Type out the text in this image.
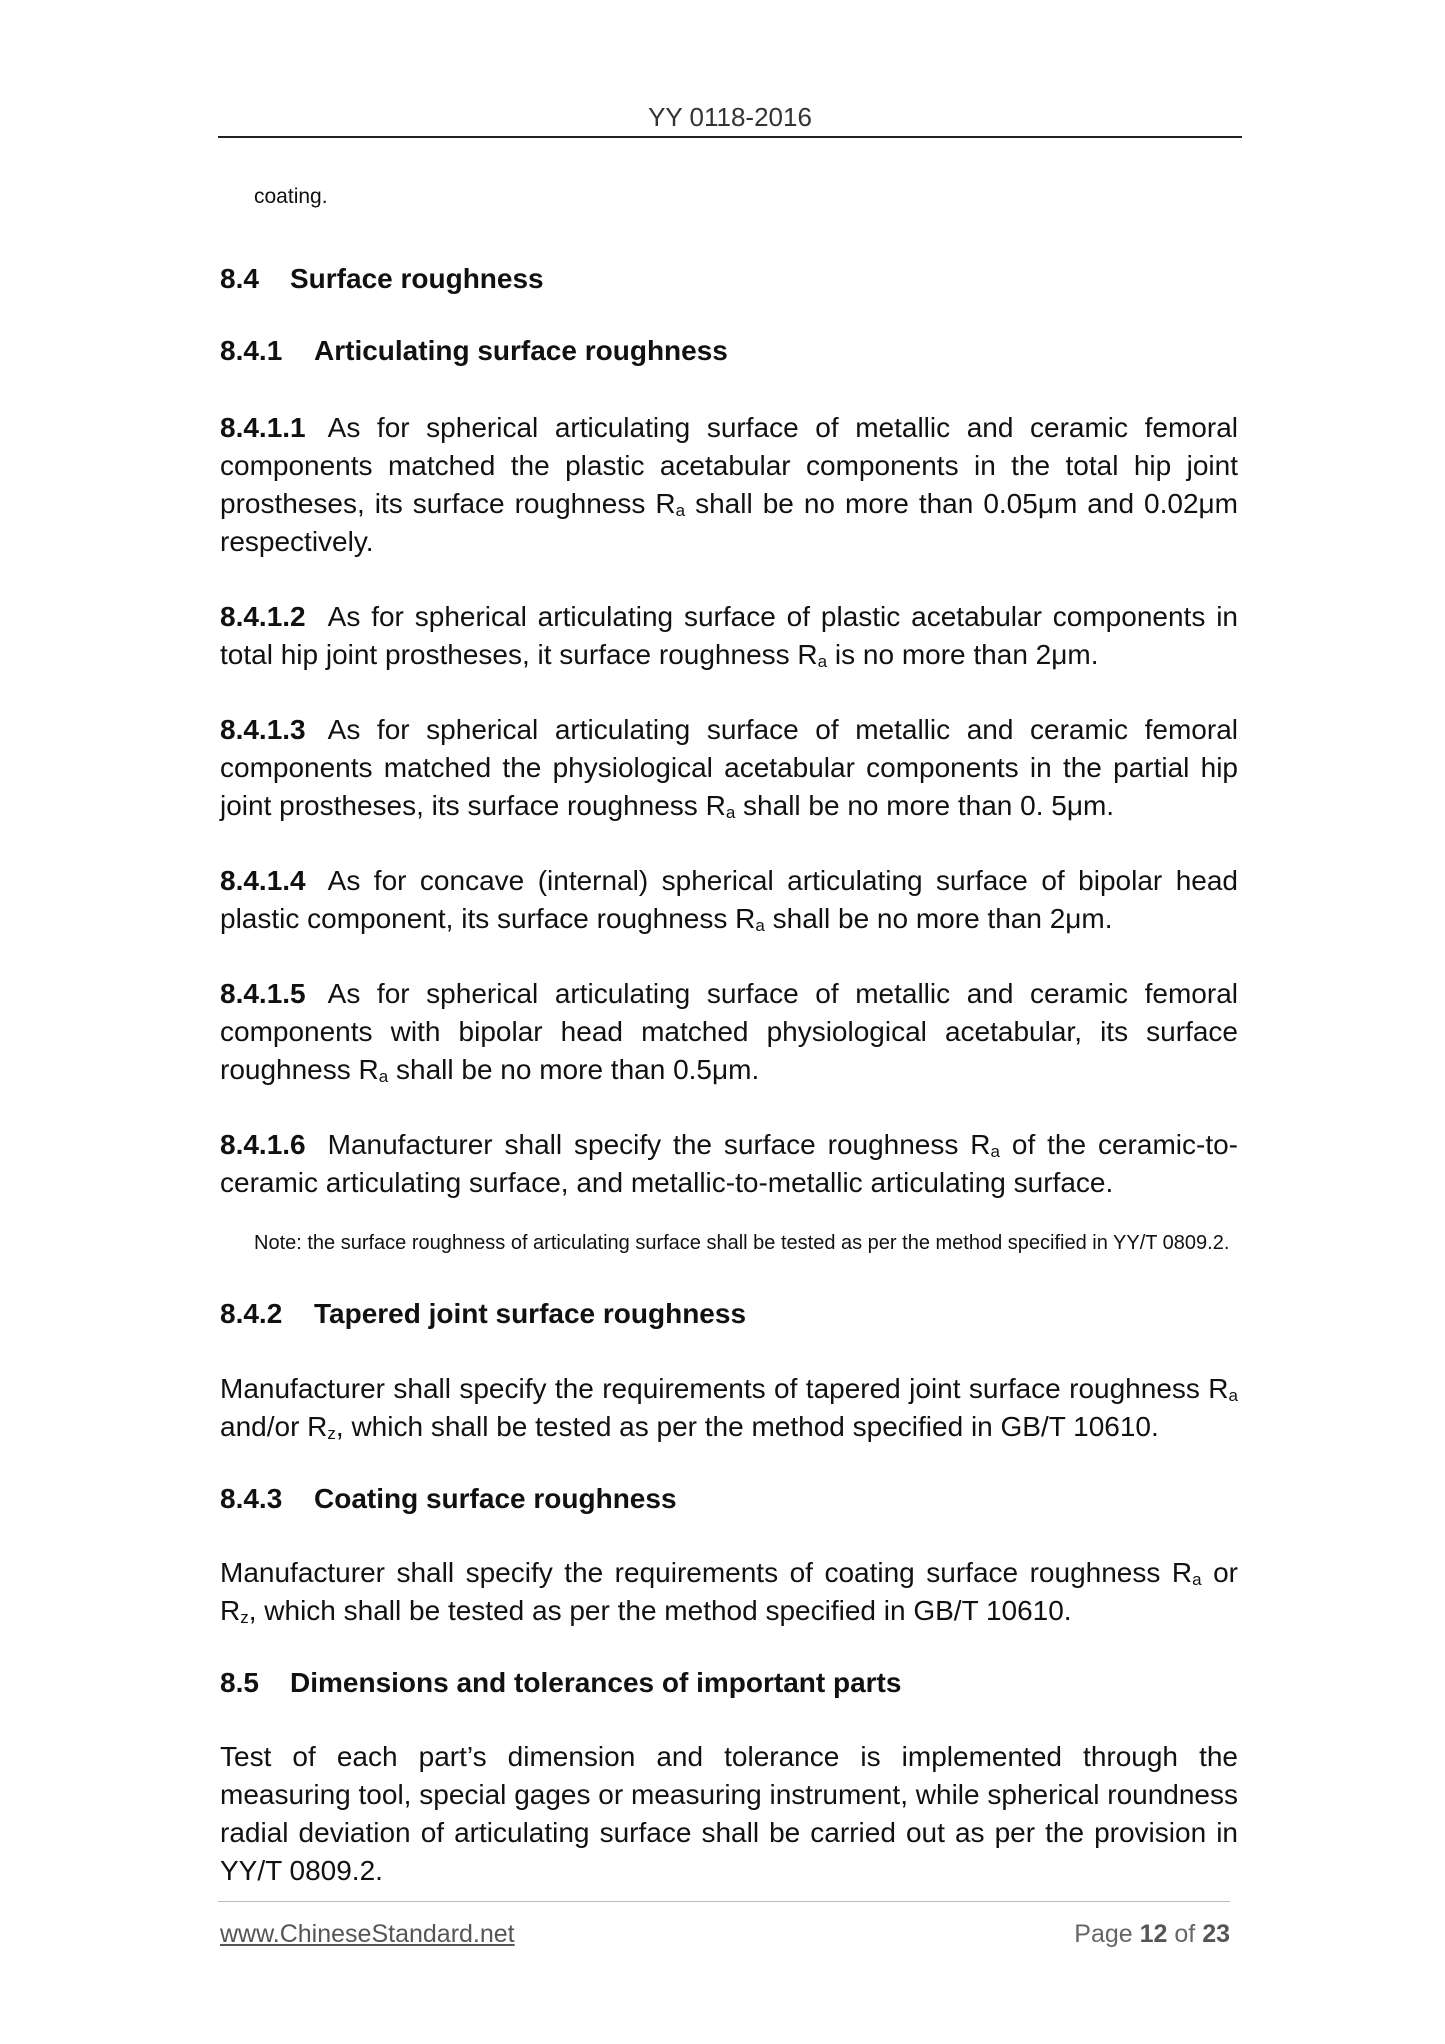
YY 0118-2016
coating.
8.4 Surface roughness
8.4.1 Articulating surface roughness

8.4.1.1 As for spherical articulating surface of metallic and ceramic femoral components matched the plastic acetabular components in the total hip joint prostheses, its surface roughness $R_a$ shall be no more than 0.05μm and 0.02μm respectively.

8.4.1.2 As for spherical articulating surface of plastic acetabular components in total hip joint prostheses, it surface roughness $R_a$ is no more than 2μm.

8.4.1.3 As for spherical articulating surface of metallic and ceramic femoral components matched the physiological acetabular components in the partial hip joint prostheses, its surface roughness $R_a$ shall be no more than 0. 5μm.

8.4.1.4 As for concave (internal) spherical articulating surface of bipolar head plastic component, its surface roughness $R_a$ shall be no more than 2μm.

8.4.1.5 As for spherical articulating surface of metallic and ceramic femoral components with bipolar head matched physiological acetabular, its surface roughness $R_a$ shall be no more than 0.5μm.

8.4.1.6 Manufacturer shall specify the surface roughness $R_a$ of the ceramic-to-ceramic articulating surface, and metallic-to-metallic articulating surface.

Note: the surface roughness of articulating surface shall be tested as per the method specified in YY/T 0809.2.
8.4.2 Tapered joint surface roughness

Manufacturer shall specify the requirements of tapered joint surface roughness $R_a$ and/or $R_z$, which shall be tested as per the method specified in GB/T 10610.

8.4.3 Coating surface roughness

Manufacturer shall specify the requirements of coating surface roughness $R_a$ or $R_z$, which shall be tested as per the method specified in GB/T 10610.

8.5 Dimensions and tolerances of important parts

Test of each part’s dimension and tolerance is implemented through the measuring tool, special gages or measuring instrument, while spherical roundness radial deviation of articulating surface shall be carried out as per the provision in YY/T 0809.2.

www.ChineseStandard.net	Page 12 of 23
